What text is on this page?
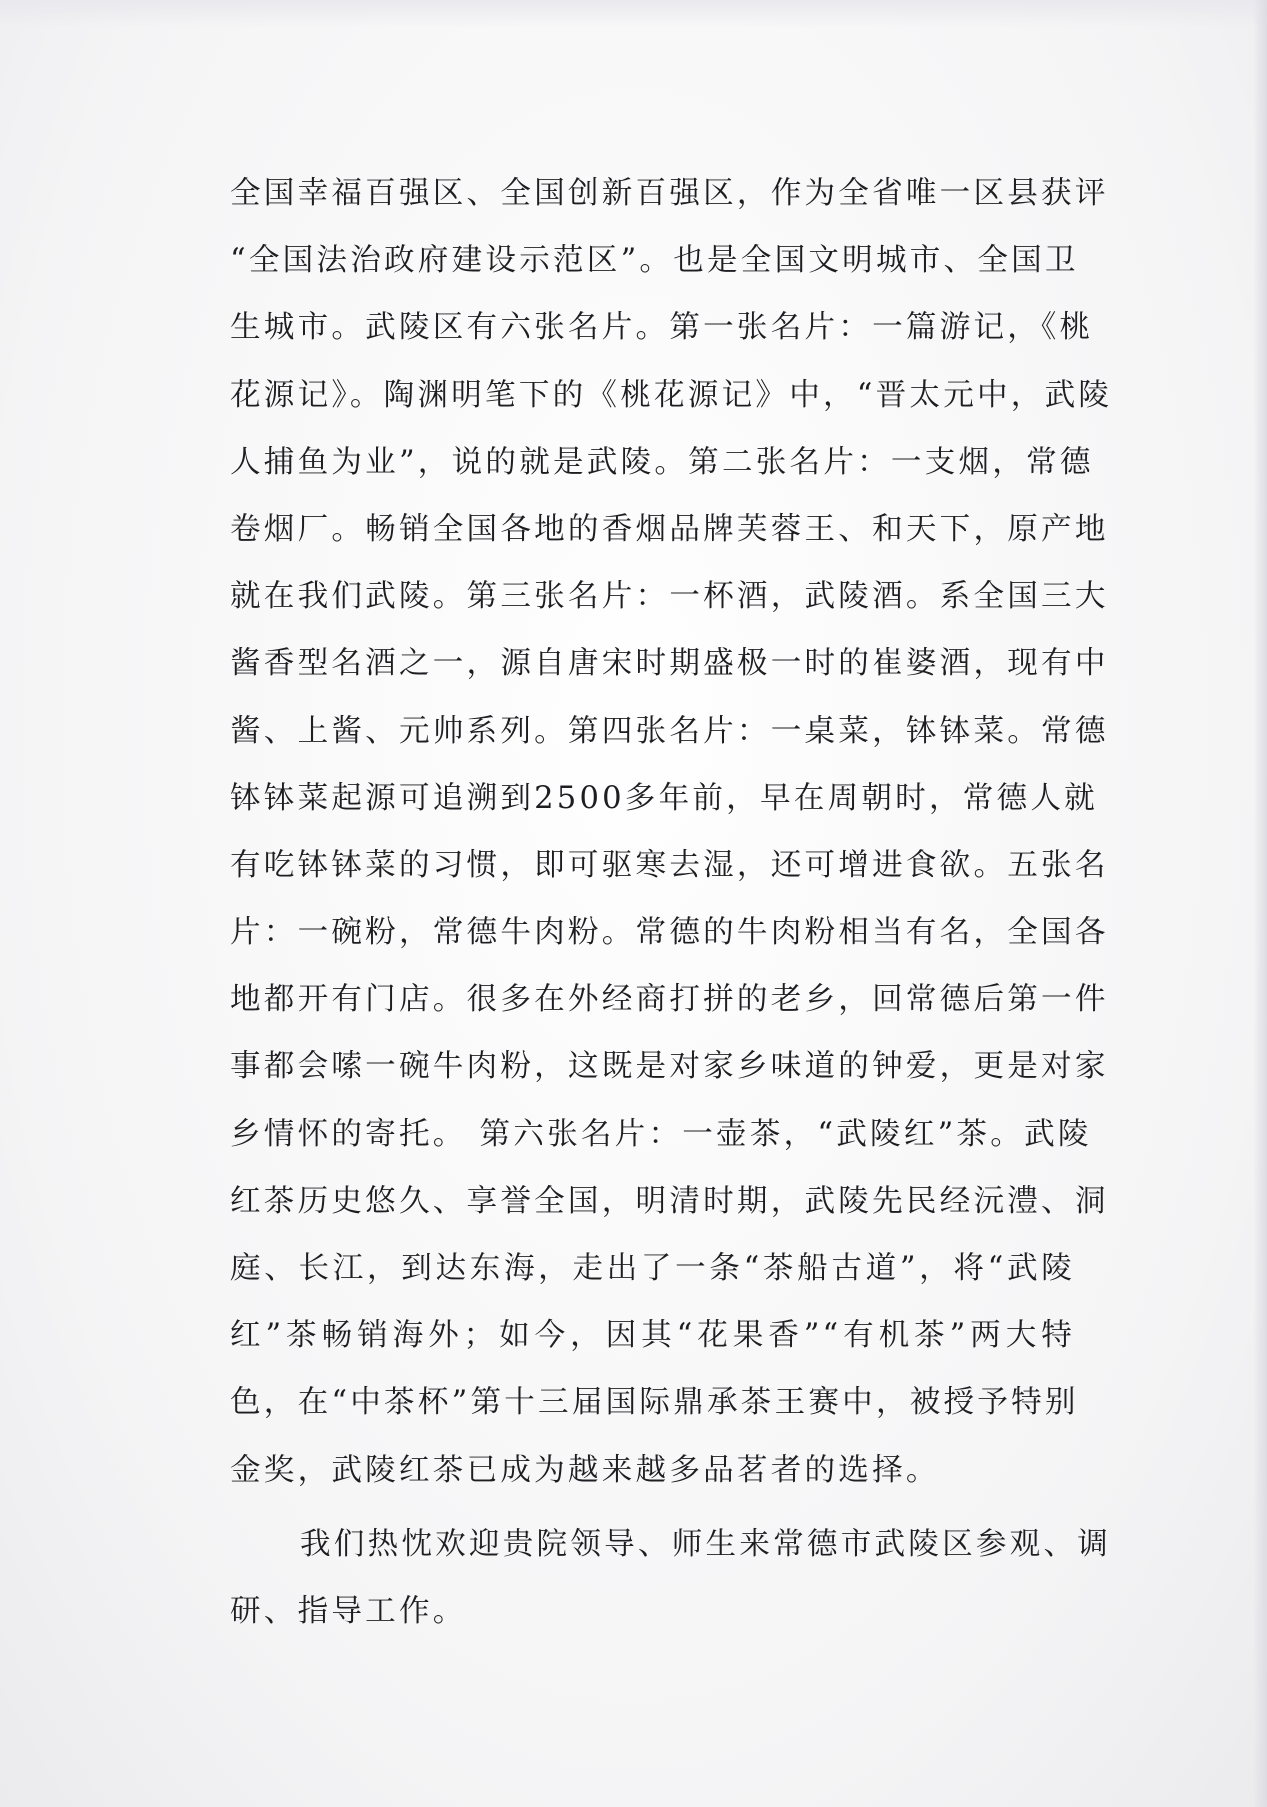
全国幸福百强区、全国创新百强区，作为全省唯一区县获评
“全国法治政府建设示范区”。也是全国文明城市、全国卫
生城市。武陵区有六张名片。第一张名片：一篇游记，《桃
花源记》。陶渊明笔下的《桃花源记》中，“晋太元中，武陵
人捕鱼为业”，说的就是武陵。第二张名片：一支烟，常德
卷烟厂。畅销全国各地的香烟品牌芙蓉王、和天下，原产地
就在我们武陵。第三张名片：一杯酒，武陵酒。系全国三大
酱香型名酒之一，源自唐宋时期盛极一时的崔婆酒，现有中
酱、上酱、元帅系列。第四张名片：一桌菜，钵钵菜。常德
钵钵菜起源可追溯到2500多年前，早在周朝时，常德人就
有吃钵钵菜的习惯，即可驱寒去湿，还可增进食欲。五张名
片：一碗粉，常德牛肉粉。常德的牛肉粉相当有名，全国各
地都开有门店。很多在外经商打拼的老乡，回常德后第一件
事都会嗦一碗牛肉粉，这既是对家乡味道的钟爱，更是对家
乡情怀的寄托。 第六张名片：一壶茶，“武陵红”茶。武陵
红茶历史悠久、享誉全国，明清时期，武陵先民经沅澧、洞
庭、长江，到达东海，走出了一条“茶船古道”，将“武陵
红”茶畅销海外；如今，因其“花果香”“有机茶”两大特
色，在“中茶杯”第十三届国际鼎承茶王赛中，被授予特别
金奖，武陵红茶已成为越来越多品茗者的选择。
我们热忱欢迎贵院领导、师生来常德市武陵区参观、调
研、指导工作。
